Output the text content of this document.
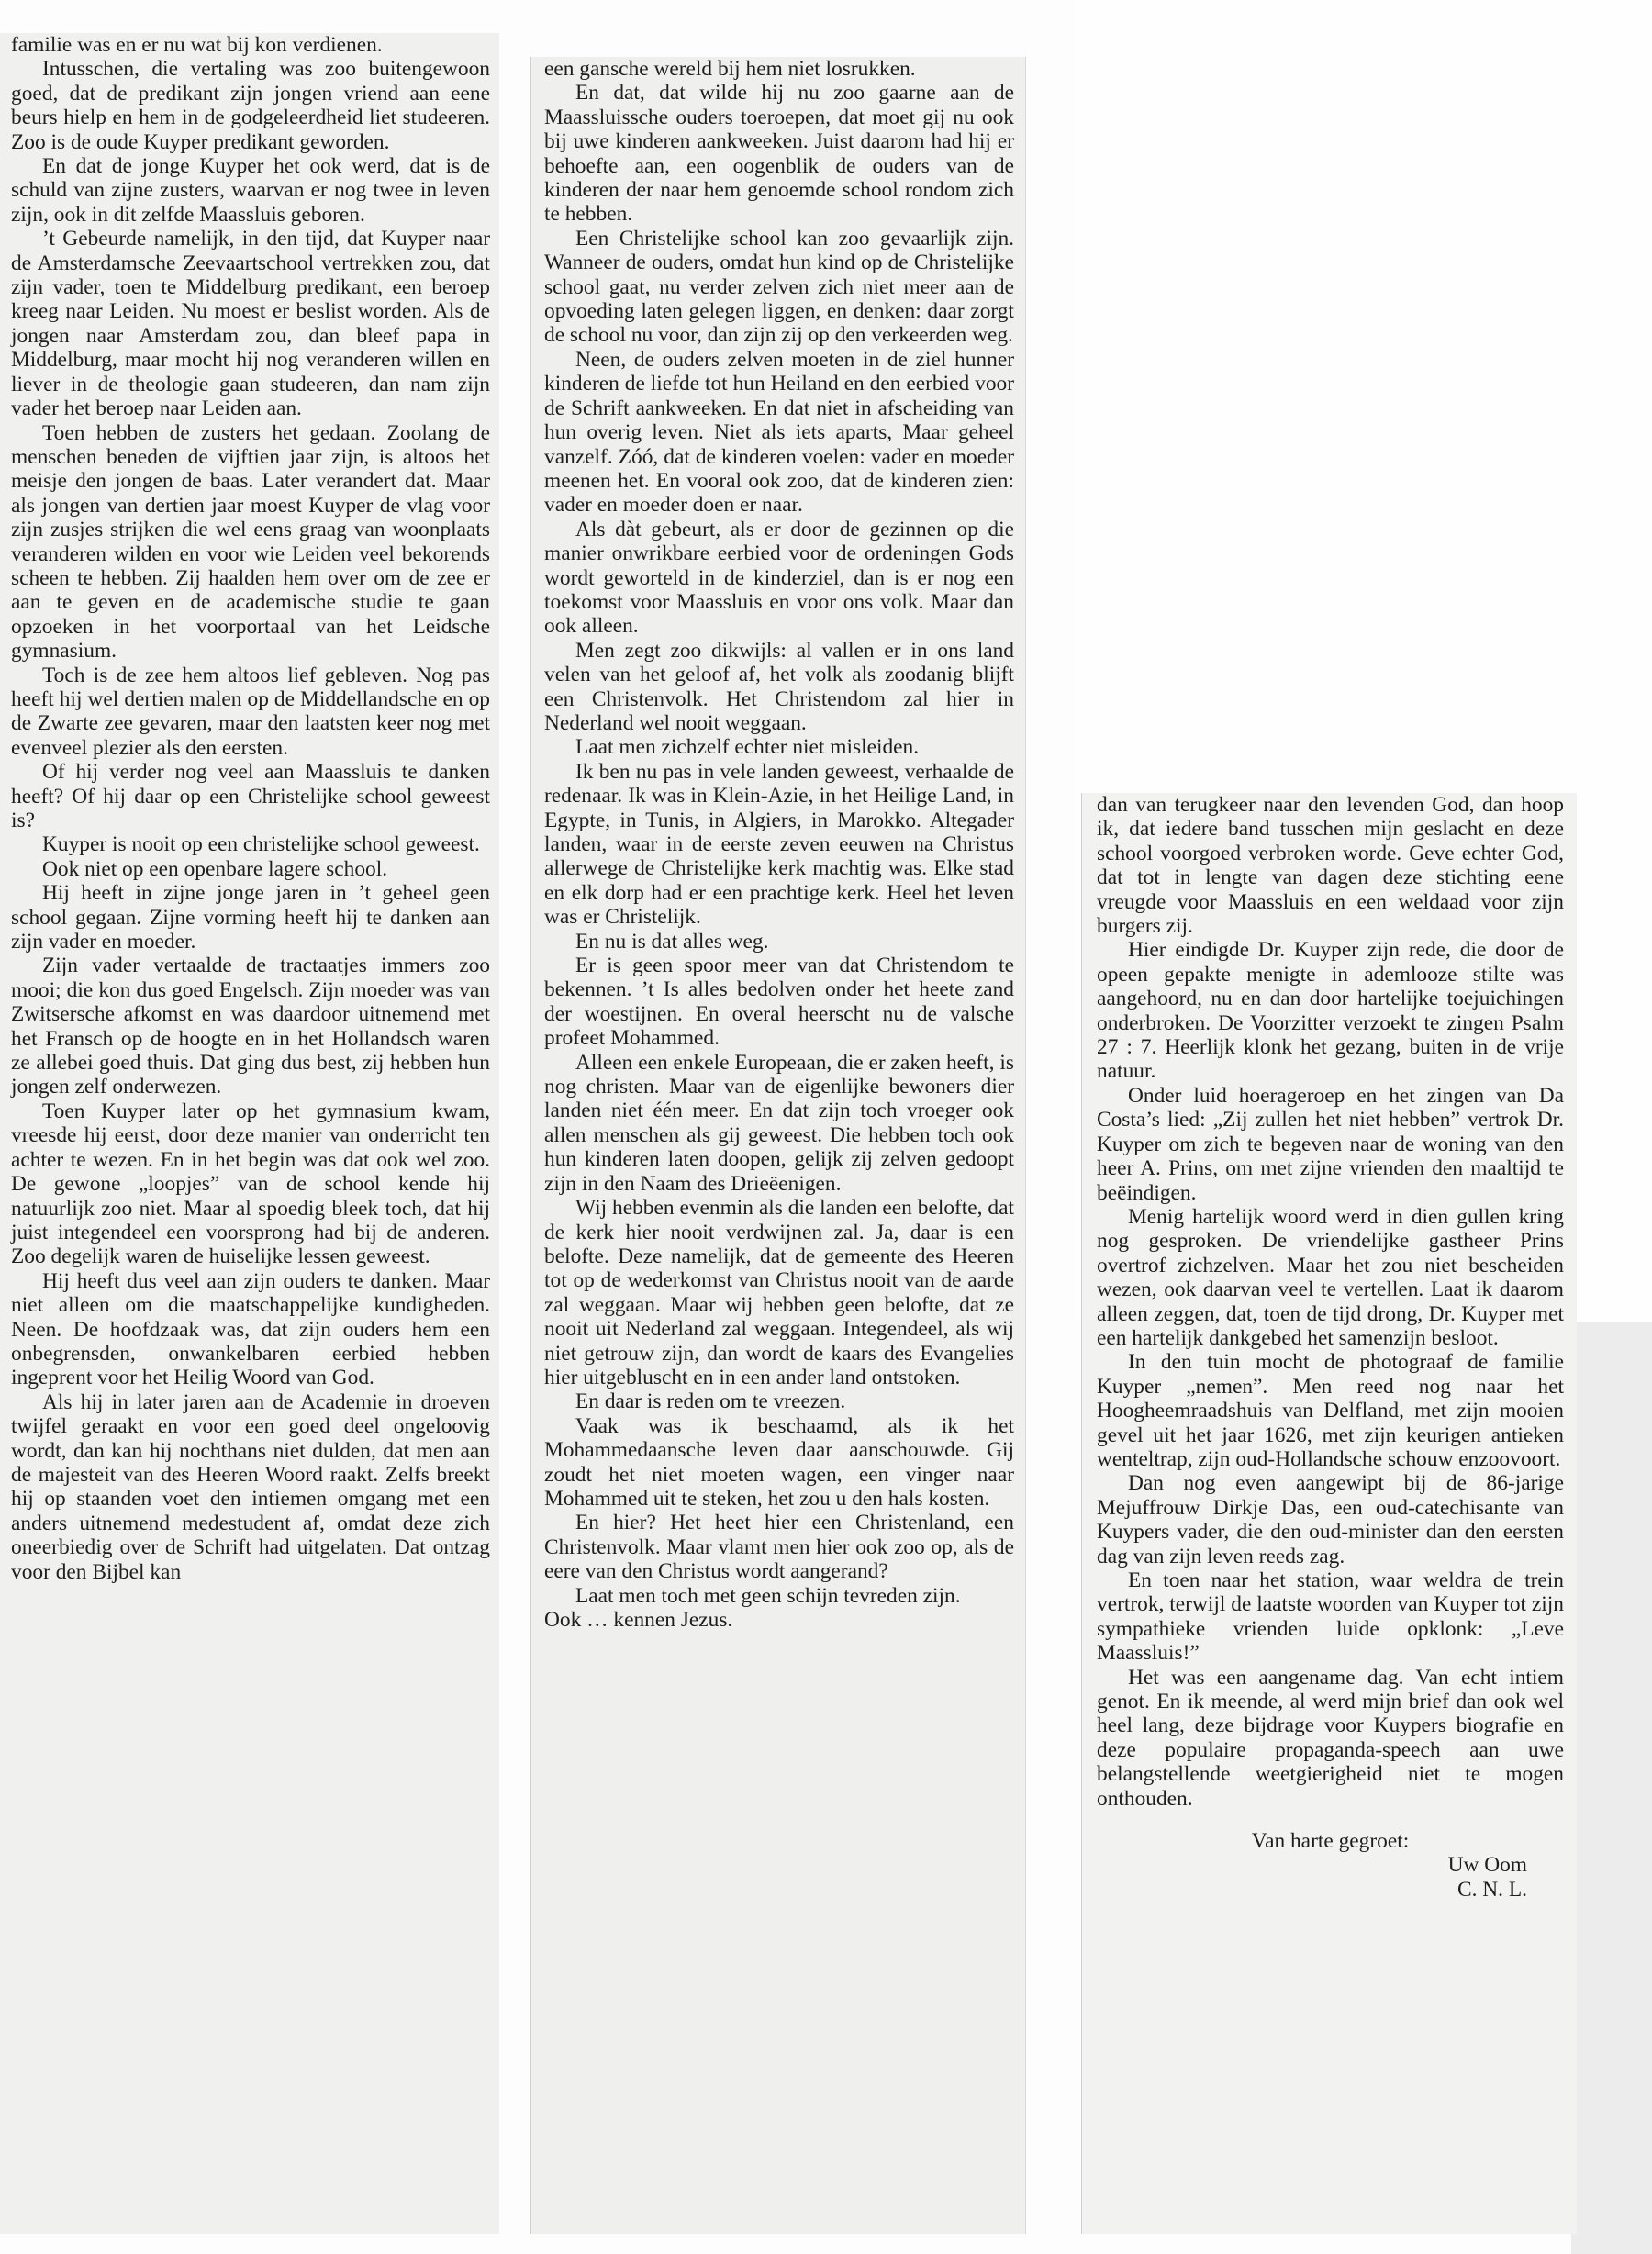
familie was en er nu wat bij kon verdienen.

Intusschen, die vertaling was zoo buitengewoon goed, dat de predikant zijn jongen vriend aan eene beurs hielp en hem in de godgeleerdheid liet studeeren. Zoo is de oude Kuyper predikant geworden.

En dat de jonge Kuyper het ook werd, dat is de schuld van zijne zusters, waarvan er nog twee in leven zijn, ook in dit zelfde Maassluis geboren.

’t Gebeurde namelijk, in den tijd, dat Kuyper naar de Amsterdamsche Zeevaartschool vertrekken zou, dat zijn vader, toen te Middelburg predikant, een beroep kreeg naar Leiden. Nu moest er beslist worden. Als de jongen naar Amsterdam zou, dan bleef papa in Middelburg, maar mocht hij nog veranderen willen en liever in de theologie gaan studeeren, dan nam zijn vader het beroep naar Leiden aan.

Toen hebben de zusters het gedaan. Zoolang de menschen beneden de vijftien jaar zijn, is altoos het meisje den jongen de baas. Later verandert dat. Maar als jongen van dertien jaar moest Kuyper de vlag voor zijn zusjes strijken die wel eens graag van woonplaats veranderen wilden en voor wie Leiden veel bekorends scheen te hebben. Zij haalden hem over om de zee er aan te geven en de academische studie te gaan opzoeken in het voorportaal van het Leidsche gymnasium.

Toch is de zee hem altoos lief gebleven. Nog pas heeft hij wel dertien malen op de Middellandsche en op de Zwarte zee gevaren, maar den laatsten keer nog met evenveel plezier als den eersten.

Of hij verder nog veel aan Maassluis te danken heeft? Of hij daar op een Christelijke school geweest is?

Kuyper is nooit op een christelijke school geweest.

Ook niet op een openbare lagere school.

Hij heeft in zijne jonge jaren in ’t geheel geen school gegaan. Zijne vorming heeft hij te danken aan zijn vader en moeder.

Zijn vader vertaalde de tractaatjes immers zoo mooi; die kon dus goed Engelsch. Zijn moeder was van Zwitsersche afkomst en was daardoor uitnemend met het Fransch op de hoogte en in het Hollandsch waren ze allebei goed thuis. Dat ging dus best, zij hebben hun jongen zelf onderwezen.

Toen Kuyper later op het gymnasium kwam, vreesde hij eerst, door deze manier van onderricht ten achter te wezen. En in het begin was dat ook wel zoo. De gewone „loopjes” van de school kende hij natuurlijk zoo niet. Maar al spoedig bleek toch, dat hij juist integendeel een voorsprong had bij de anderen. Zoo degelijk waren de huiselijke lessen geweest.

Hij heeft dus veel aan zijn ouders te danken. Maar niet alleen om die maatschappelijke kundigheden. Neen. De hoofdzaak was, dat zijn ouders hem een onbegrensden, onwankelbaren eerbied hebben ingeprent voor het Heilig Woord van God.

Als hij in later jaren aan de Academie in droeven twijfel geraakt en voor een goed deel ongeloovig wordt, dan kan hij nochthans niet dulden, dat men aan de majesteit van des Heeren Woord raakt. Zelfs breekt hij op staanden voet den intiemen omgang met een anders uitnemend medestudent af, omdat deze zich oneerbiedig over de Schrift had uitgelaten. Dat ontzag voor den Bijbel kan

een gansche wereld bij hem niet losrukken.

En dat, dat wilde hij nu zoo gaarne aan de Maassluissche ouders toeroepen, dat moet gij nu ook bij uwe kinderen aankweeken. Juist daarom had hij er behoefte aan, een oogenblik de ouders van de kinderen der naar hem genoemde school rondom zich te hebben.

Een Christelijke school kan zoo gevaarlijk zijn. Wanneer de ouders, omdat hun kind op de Christelijke school gaat, nu verder zelven zich niet meer aan de opvoeding laten gelegen liggen, en denken: daar zorgt de school nu voor, dan zijn zij op den verkeerden weg.

Neen, de ouders zelven moeten in de ziel hunner kinderen de liefde tot hun Heiland en den eerbied voor de Schrift aankweeken. En dat niet in afscheiding van hun overig leven. Niet als iets aparts, Maar geheel vanzelf. Zóó, dat de kinderen voelen: vader en moeder meenen het. En vooral ook zoo, dat de kinderen zien: vader en moeder doen er naar.

Als dàt gebeurt, als er door de gezinnen op die manier onwrikbare eerbied voor de ordeningen Gods wordt geworteld in de kinderziel, dan is er nog een toekomst voor Maassluis en voor ons volk. Maar dan ook alleen.

Men zegt zoo dikwijls: al vallen er in ons land velen van het geloof af, het volk als zoodanig blijft een Christenvolk. Het Christendom zal hier in Nederland wel nooit weggaan.

Laat men zichzelf echter niet misleiden.

Ik ben nu pas in vele landen geweest, verhaalde de redenaar. Ik was in Klein-Azie, in het Heilige Land, in Egypte, in Tunis, in Algiers, in Marokko. Altegader landen, waar in de eerste zeven eeuwen na Christus allerwege de Christelijke kerk machtig was. Elke stad en elk dorp had er een prachtige kerk. Heel het leven was er Christelijk.

En nu is dat alles weg.

Er is geen spoor meer van dat Christendom te bekennen. ’t Is alles bedolven onder het heete zand der woestijnen. En overal heerscht nu de valsche profeet Mohammed.

Alleen een enkele Europeaan, die er zaken heeft, is nog christen. Maar van de eigenlijke bewoners dier landen niet één meer. En dat zijn toch vroeger ook allen menschen als gij geweest. Die hebben toch ook hun kinderen laten doopen, gelijk zij zelven gedoopt zijn in den Naam des Drieëenigen.

Wij hebben evenmin als die landen een belofte, dat de kerk hier nooit verdwijnen zal. Ja, daar is een belofte. Deze namelijk, dat de gemeente des Heeren tot op de wederkomst van Christus nooit van de aarde zal weggaan. Maar wij hebben geen belofte, dat ze nooit uit Nederland zal weggaan. Integendeel, als wij niet getrouw zijn, dan wordt de kaars des Evangelies hier uitgebluscht en in een ander land ontstoken.

En daar is reden om te vreezen.

Vaak was ik beschaamd, als ik het Mohammedaansche leven daar aanschouwde. Gij zoudt het niet moeten wagen, een vinger naar Mohammed uit te steken, het zou u den hals kosten.

En hier? Het heet hier een Christenland, een Christenvolk. Maar vlamt men hier ook zoo op, als de eere van den Christus wordt aangerand?

Laat men toch met geen schijn tevreden zijn.

Ook … kennen Jezus.

dan van terugkeer naar den levenden God, dan hoop ik, dat iedere band tusschen mijn geslacht en deze school voorgoed verbroken worde. Geve echter God, dat tot in lengte van dagen deze stichting eene vreugde voor Maassluis en een weldaad voor zijn burgers zij.

Hier eindigde Dr. Kuyper zijn rede, die door de opeen gepakte menigte in ademlooze stilte was aangehoord, nu en dan door hartelijke toejuichingen onderbroken. De Voorzitter verzoekt te zingen Psalm 27 : 7. Heerlijk klonk het gezang, buiten in de vrije natuur.

Onder luid hoerageroep en het zingen van Da Costa’s lied: „Zij zullen het niet hebben” vertrok Dr. Kuyper om zich te begeven naar de woning van den heer A. Prins, om met zijne vrienden den maaltijd te beëindigen.

Menig hartelijk woord werd in dien gullen kring nog gesproken. De vriendelijke gastheer Prins overtrof zichzelven. Maar het zou niet bescheiden wezen, ook daarvan veel te vertellen. Laat ik daarom alleen zeggen, dat, toen de tijd drong, Dr. Kuyper met een hartelijk dankgebed het samenzijn besloot.

In den tuin mocht de photograaf de familie Kuyper „nemen”. Men reed nog naar het Hoogheemraadshuis van Delfland, met zijn mooien gevel uit het jaar 1626, met zijn keurigen antieken wenteltrap, zijn oud-Hollandsche schouw enzoovoort.

Dan nog even aangewipt bij de 86-jarige Mejuffrouw Dirkje Das, een oud-catechisante van Kuypers vader, die den oud-minister dan den eersten dag van zijn leven reeds zag.

En toen naar het station, waar weldra de trein vertrok, terwijl de laatste woorden van Kuyper tot zijn sympathieke vrienden luide opklonk: „Leve Maassluis!”

Het was een aangename dag. Van echt intiem genot. En ik meende, al werd mijn brief dan ook wel heel lang, deze bijdrage voor Kuypers biografie en deze populaire propaganda-speech aan uwe belangstellende weetgierigheid niet te mogen onthouden.

Van harte gegroet:

Uw Oom

C. N. L.
